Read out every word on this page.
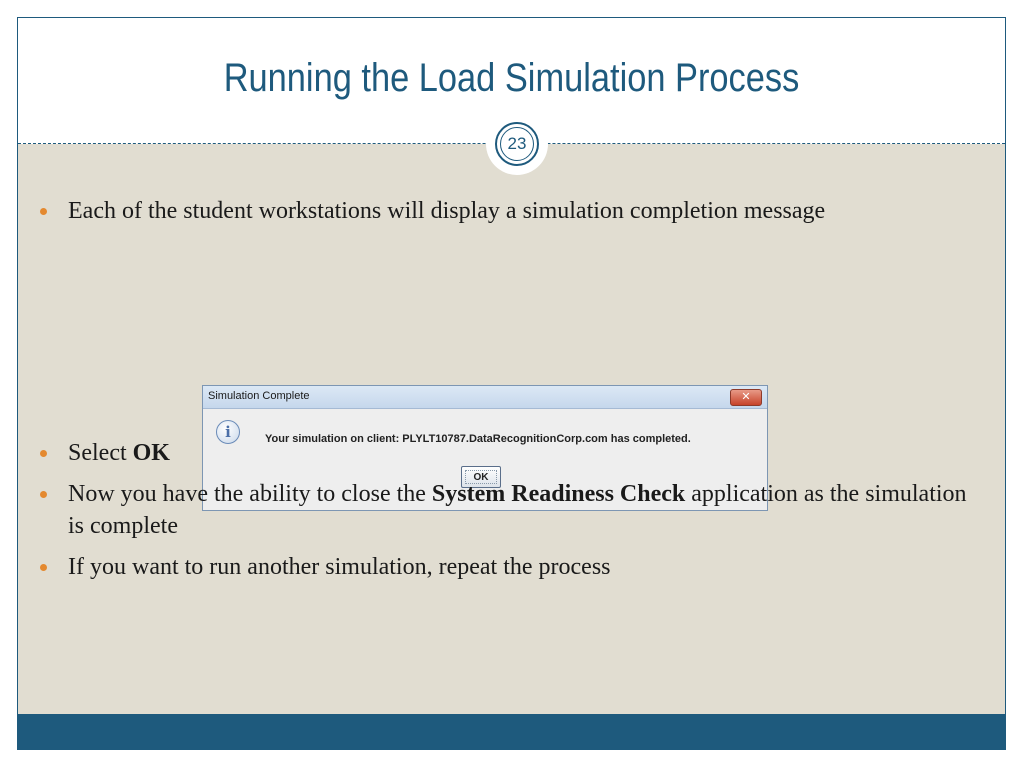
Running the Load Simulation Process
Each of the student workstations will display a simulation completion message
Simulation Complete	✕
i	Your simulation on client: PLYLT10787.DataRecognitionCorp.com has completed.
OK
Select OK
Now you have the ability to close the System Readiness Check application as the simulation is complete
If you want to run another simulation, repeat the process
23
